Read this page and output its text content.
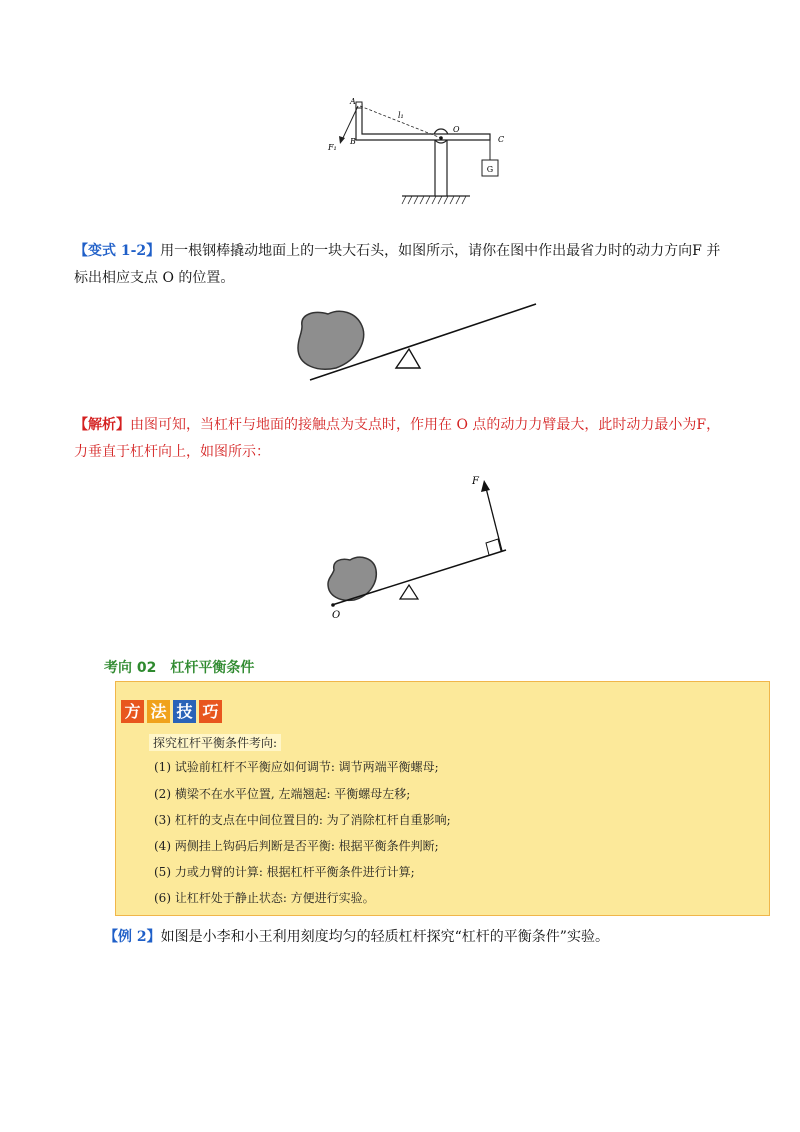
G
A
l₁
O
C
F₁
B
【变式 1-2】用一根钢棒撬动地面上的一块大石头，如图所示，请你在图中作出最省力时的动力方向F 并标出相应支点 O 的位置。
【解析】由图可知，当杠杆与地面的接触点为支点时，作用在 O 点的动力力臂最大，此时动力最小为F，力垂直于杠杆向上，如图所示：
F
O
考向 02　杠杆平衡条件
方 法 技 巧
探究杠杆平衡条件考向:
(1) 试验前杠杆不平衡应如何调节: 调节两端平衡螺母;
(2) 横梁不在水平位置, 左端翘起: 平衡螺母左移;
(3) 杠杆的支点在中间位置目的: 为了消除杠杆自重影响;
(4) 两侧挂上钩码后判断是否平衡: 根据平衡条件判断;
(5) 力或力臂的计算: 根据杠杆平衡条件进行计算;
(6) 让杠杆处于静止状态: 方便进行实验。
【例 2】如图是小李和小王利用刻度均匀的轻质杠杆探究“杠杆的平衡条件”实验。
